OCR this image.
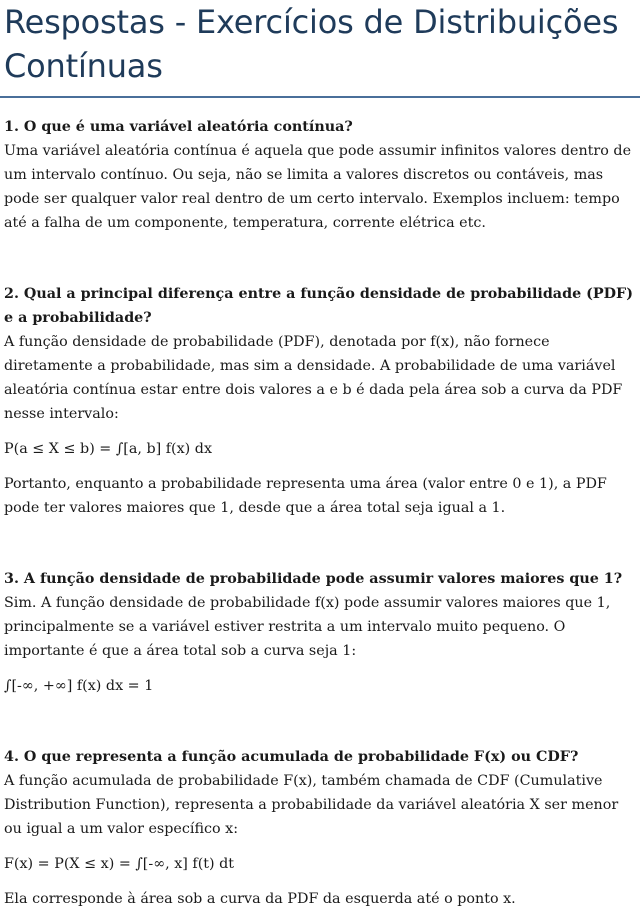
Respostas - Exercícios de Distribuições Contínuas

1. O que é uma variável aleatória contínua?

Uma variável aleatória contínua é aquela que pode assumir infinitos valores dentro de um intervalo contínuo. Ou seja, não se limita a valores discretos ou contáveis, mas pode ser qualquer valor real dentro de um certo intervalo. Exemplos incluem: tempo até a falha de um componente, temperatura, corrente elétrica etc.

2. Qual a principal diferença entre a função densidade de probabilidade (PDF) e a probabilidade?

A função densidade de probabilidade (PDF), denotada por f(x), não fornece diretamente a probabilidade, mas sim a densidade. A probabilidade de uma variável aleatória contínua estar entre dois valores a e b é dada pela área sob a curva da PDF nesse intervalo:

P(a ≤ X ≤ b) = ∫[a, b] f(x) dx

Portanto, enquanto a probabilidade representa uma área (valor entre 0 e 1), a PDF pode ter valores maiores que 1, desde que a área total seja igual a 1.

3. A função densidade de probabilidade pode assumir valores maiores que 1?

Sim. A função densidade de probabilidade f(x) pode assumir valores maiores que 1, principalmente se a variável estiver restrita a um intervalo muito pequeno. O importante é que a área total sob a curva seja 1:

∫[-∞, +∞] f(x) dx = 1

4. O que representa a função acumulada de probabilidade F(x) ou CDF?

A função acumulada de probabilidade F(x), também chamada de CDF (Cumulative Distribution Function), representa a probabilidade da variável aleatória X ser menor ou igual a um valor específico x:

F(x) = P(X ≤ x) = ∫[-∞, x] f(t) dt

Ela corresponde à área sob a curva da PDF da esquerda até o ponto x.
